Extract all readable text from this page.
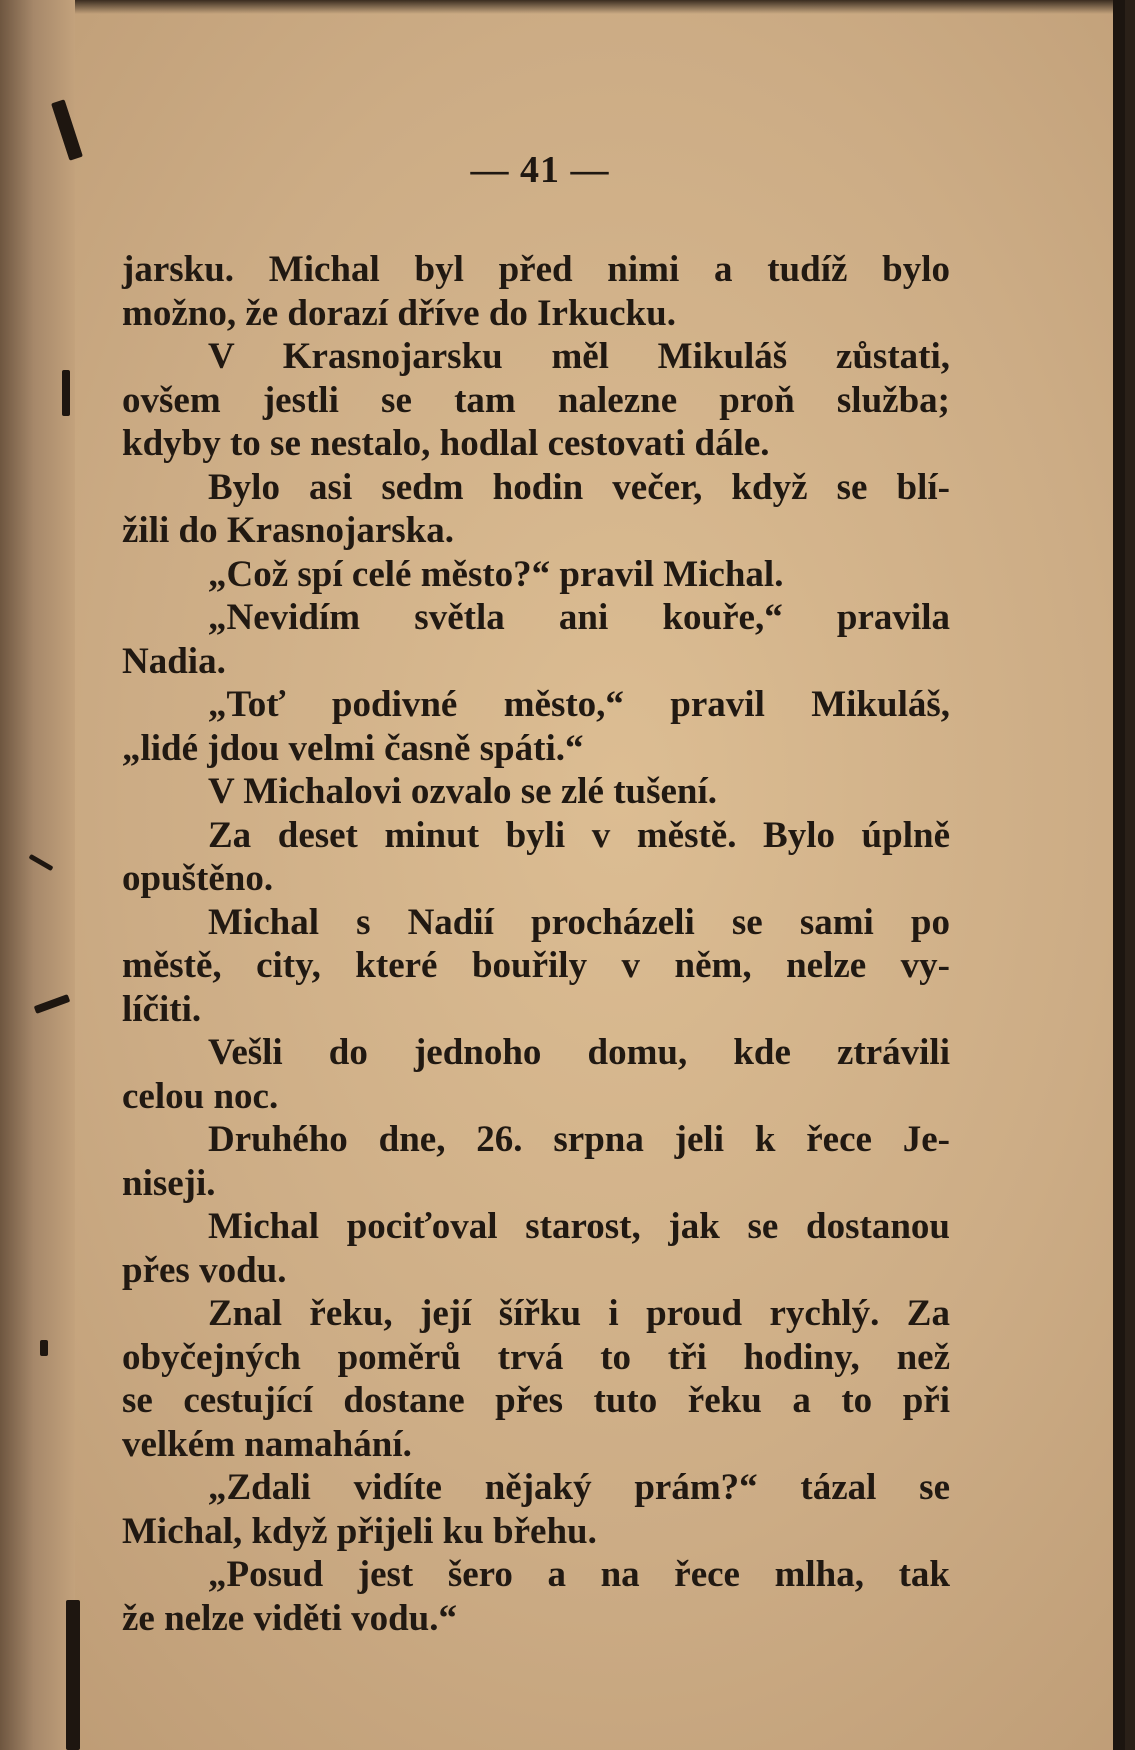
— 41 —
jarsku. Michal byl před nimi a tudíž bylo
možno, že dorazí dříve do Irkucku.
V Krasnojarsku měl Mikuláš zůstati,
ovšem jestli se tam nalezne proň služba;
kdyby to se nestalo, hodlal cestovati dále.
Bylo asi sedm hodin večer, když se blí-
žili do Krasnojarska.
„Což spí celé město?“ pravil Michal.
„Nevidím světla ani kouře,“ pravila
Nadia.
„Toť podivné město,“ pravil Mikuláš,
„lidé jdou velmi časně spáti.“
V Michalovi ozvalo se zlé tušení.
Za deset minut byli v městě. Bylo úplně
opuštěno.
Michal s Nadií procházeli se sami po
městě, city, které bouřily v něm, nelze vy-
líčiti.
Vešli do jednoho domu, kde ztrávili
celou noc.
Druhého dne, 26. srpna jeli k řece Je-
niseji.
Michal pociťoval starost, jak se dostanou
přes vodu.
Znal řeku, její šířku i proud rychlý. Za
obyčejných poměrů trvá to tři hodiny, než
se cestující dostane přes tuto řeku a to při
velkém namahání.
„Zdali vidíte nějaký prám?“ tázal se
Michal, když přijeli ku břehu.
„Posud jest šero a na řece mlha, tak
že nelze viděti vodu.“
